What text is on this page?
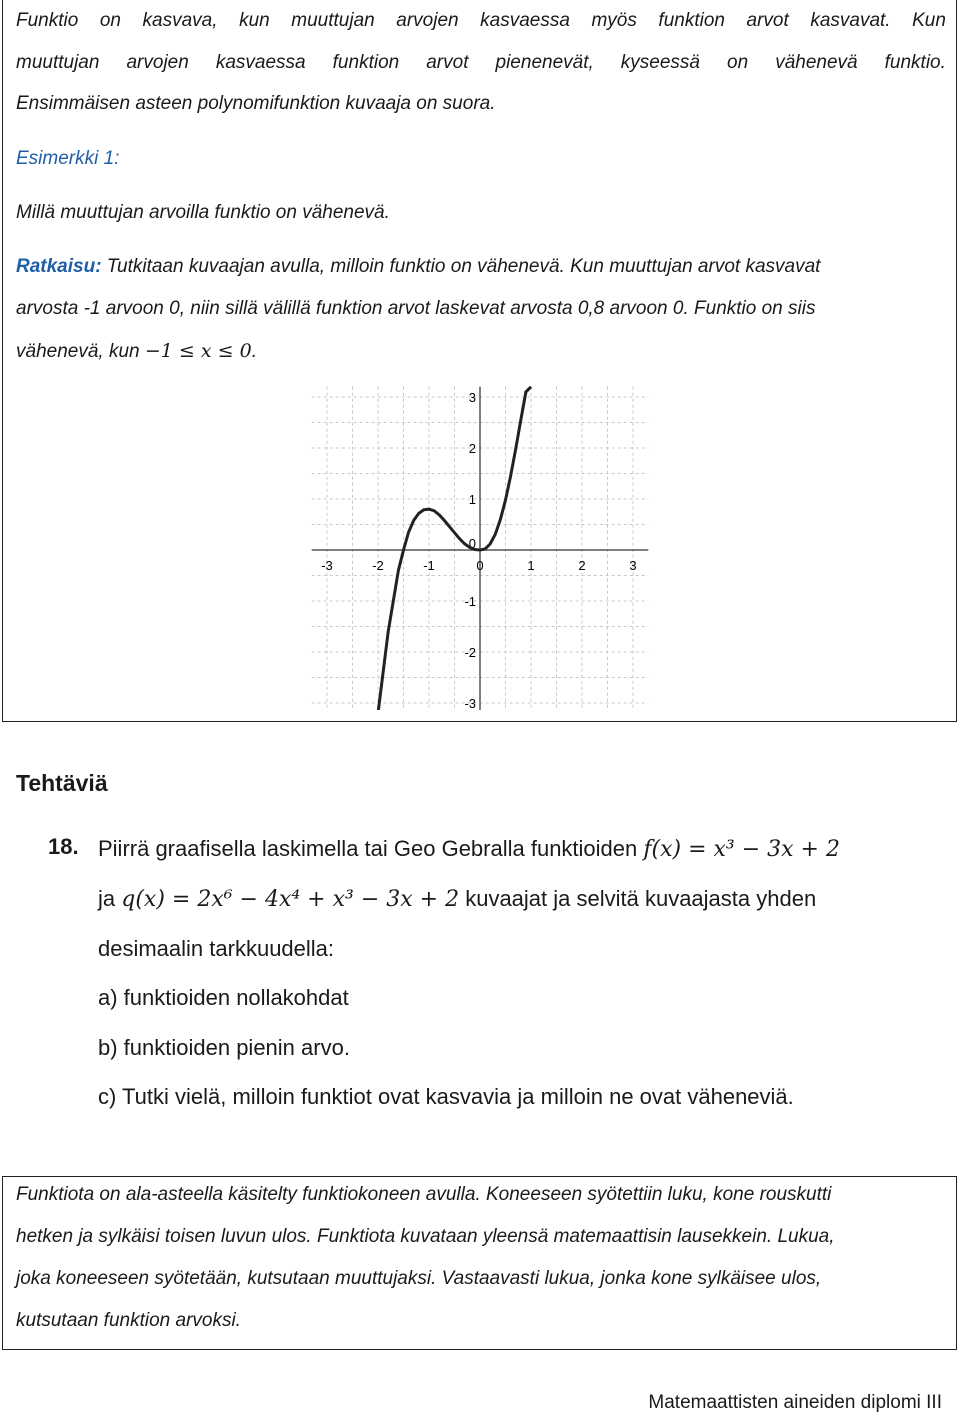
Funktio on kasvava, kun muuttujan arvojen kasvaessa myös funktion arvot kasvavat. Kun
muuttujan arvojen kasvaessa funktion arvot pienenevät, kyseessä on vähenevä funktio.
Ensimmäisen asteen polynomifunktion kuvaaja on suora.
Esimerkki 1:
Millä muuttujan arvoilla funktio on vähenevä.
Ratkaisu: Tutkitaan kuvaajan avulla, milloin funktio on vähenevä. Kun muuttujan arvot kasvavat
arvosta -1 arvoon 0, niin sillä välillä funktion arvot laskevat arvosta 0,8 arvoon 0. Funktio on siis
vähenevä, kun −1 ≤ x ≤ 0.
-3	-2	-1	0	1	2	3
3
2
1
0
-1
-2
-3
Tehtäviä
18. Piirrä graafisella laskimella tai Geo Gebralla funktioiden f(x) = x³ − 3x + 2
ja q(x) = 2x⁶ − 4x⁴ + x³ − 3x + 2 kuvaajat ja selvitä kuvaajasta yhden
desimaalin tarkkuudella:
a) funktioiden nollakohdat
b) funktioiden pienin arvo.
c) Tutki vielä, milloin funktiot ovat kasvavia ja milloin ne ovat väheneviä.
Funktiota on ala-asteella käsitelty funktiokoneen avulla. Koneeseen syötettiin luku, kone rouskutti
hetken ja sylkäisi toisen luvun ulos. Funktiota kuvataan yleensä matemaattisin lausekkein. Lukua,
joka koneeseen syötetään, kutsutaan muuttujaksi. Vastaavasti lukua, jonka kone sylkäisee ulos,
kutsutaan funktion arvoksi.
Matemaattisten aineiden diplomi III
